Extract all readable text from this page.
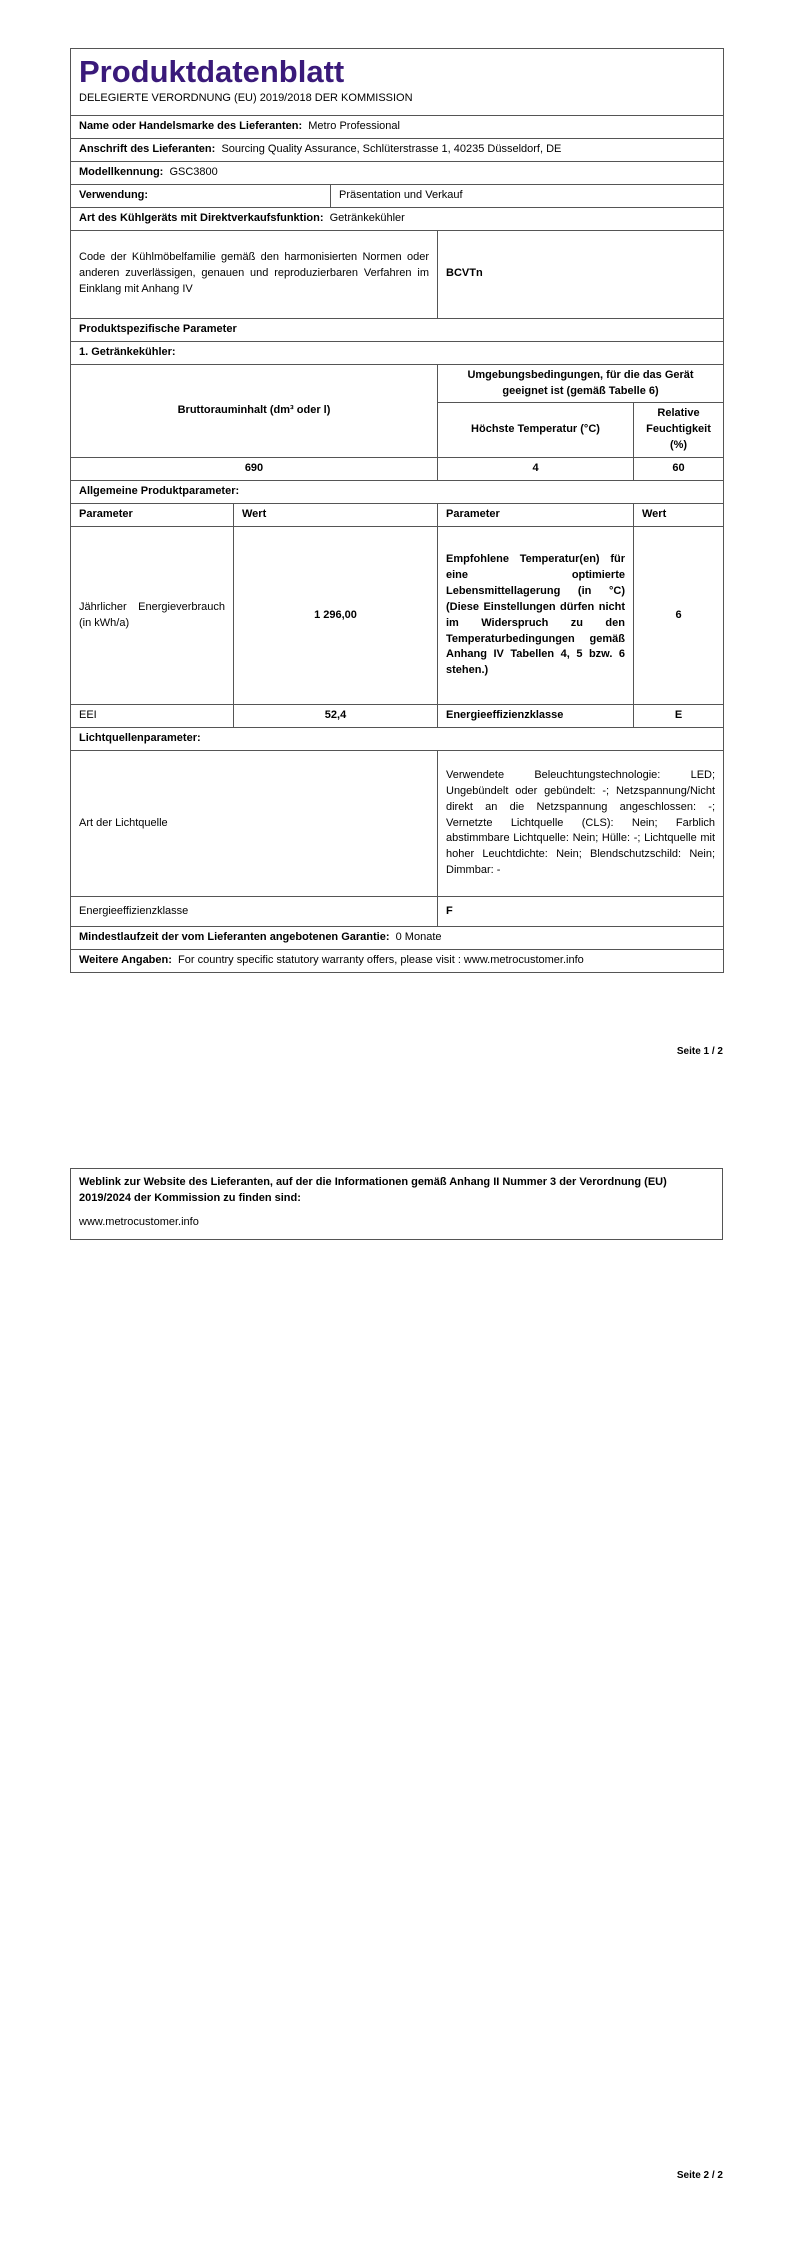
Produktdatenblatt
DELEGIERTE VERORDNUNG (EU) 2019/2018 DER KOMMISSION				

Name oder Handelsmarke des Lieferanten: Metro Professional				
Anschrift des Lieferanten: Sourcing Quality Assurance, Schlüterstrasse 1, 40235 Düsseldorf, DE				
Modellkennung: GSC3800				
Verwendung:		Präsentation und Verkauf		
Art des Kühlgeräts mit Direktverkaufsfunktion: Getränkekühler				
Code der Kühlmöbelfamilie gemäß den harmonisierten Normen oder anderen zuverlässigen, genauen und reproduzierbaren Verfahren im Einklang mit Anhang IV			BCVTn	
Produktspezifische Parameter				
1. Getränkekühler:				
Bruttorauminhalt (dm³ oder l)			Umgebungsbedingungen, für die das Gerät geeignet ist (gemäß Tabelle 6)	
			Höchste Temperatur (°C)	Relative Feuchtigkeit (%)
690			4	60
Allgemeine Produktparameter:				
Parameter	Wert		Parameter	Wert
Jährlicher Energieverbrauch (in kWh/a)	1 296,00		Empfohlene Temperatur(en) für eine optimierte Lebensmittellagerung (in °C) (Diese Einstellungen dürfen nicht im Widerspruch zu den Temperaturbedingungen gemäß Anhang IV Tabellen 4, 5 bzw. 6 stehen.)	6
EEI	52,4		Energieeffizienzklasse	E
Lichtquellenparameter:				
Art der Lichtquelle			Verwendete Beleuchtungstechnologie: LED; Ungebündelt oder gebündelt: -; Netzspannung/Nicht direkt an die Netzspannung angeschlossen: -; Vernetzte Lichtquelle (CLS): Nein; Farblich abstimmbare Lichtquelle: Nein; Hülle: -; Lichtquelle mit hoher Leuchtdichte: Nein; Blendschutzschild: Nein; Dimmbar: -	
Energieeffizienzklasse			F	
Mindestlaufzeit der vom Lieferanten angebotenen Garantie: 0 Monate				
Weitere Angaben: For country specific statutory warranty offers, please visit : www.metrocustomer.info				
Seite 1 / 2
Weblink zur Website des Lieferanten, auf der die Informationen gemäß Anhang II Nummer 3 der Verordnung (EU) 2019/2024 der Kommission zu finden sind:
www.metrocustomer.info
Seite 2 / 2
